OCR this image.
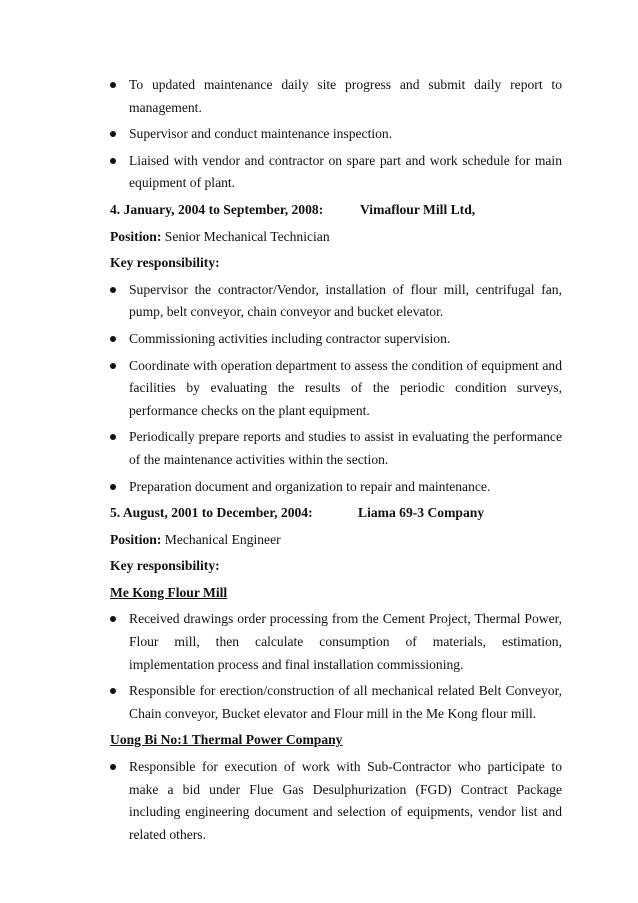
To updated maintenance daily site progress and submit daily report to management.
Supervisor and conduct maintenance inspection.
Liaised with vendor and contractor on spare part and work schedule for main equipment of plant.
4. January, 2004 to September, 2008:	Vimaflour Mill Ltd,
Position: Senior Mechanical Technician
Key responsibility:
Supervisor the contractor/Vendor, installation of flour mill, centrifugal fan, pump, belt conveyor, chain conveyor and bucket elevator.
Commissioning activities including contractor supervision.
Coordinate with operation department to assess the condition of equipment and facilities by evaluating the results of the periodic condition surveys, performance checks on the plant equipment.
Periodically prepare reports and studies to assist in evaluating the performance of the maintenance activities within the section.
Preparation document and organization to repair and maintenance.
5. August, 2001 to December, 2004:	Liama 69-3 Company
Position: Mechanical Engineer
Key responsibility:
Me Kong Flour Mill
Received drawings order processing from the Cement Project, Thermal Power, Flour mill, then calculate consumption of materials, estimation, implementation process and final installation commissioning.
Responsible for erection/construction of all mechanical related Belt Conveyor, Chain conveyor, Bucket elevator and Flour mill in the Me Kong flour mill.
Uong Bi No:1 Thermal Power Company
Responsible for execution of work with Sub-Contractor who participate to make a bid under Flue Gas Desulphurization (FGD) Contract Package including engineering document and selection of equipments, vendor list and related others.
